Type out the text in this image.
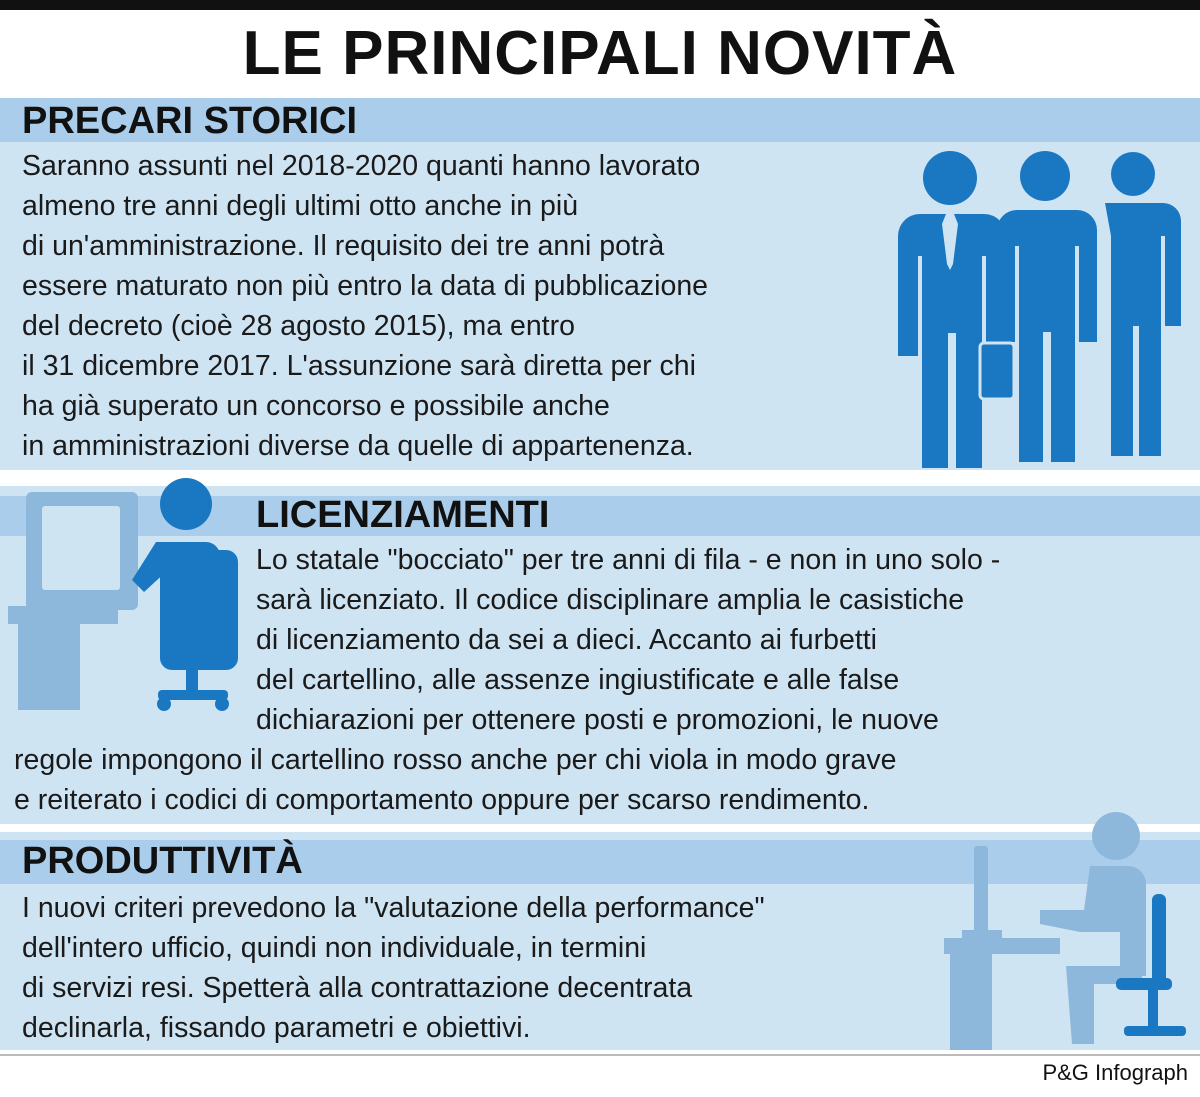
LE PRINCIPALI NOVITÀ
PRECARI STORICI
Saranno assunti nel 2018-2020 quanti hanno lavorato
almeno tre anni degli ultimi otto anche in più
di un'amministrazione. Il requisito dei tre anni potrà
essere maturato non più entro la data di pubblicazione
del decreto (cioè 28 agosto 2015), ma entro
il 31 dicembre 2017. L'assunzione sarà diretta per chi
ha già superato un concorso e possibile anche
in amministrazioni diverse da quelle di appartenenza.
LICENZIAMENTI
Lo statale "bocciato" per tre anni di fila - e non in uno solo -
sarà licenziato. Il codice disciplinare amplia le casistiche
di licenziamento da sei a dieci. Accanto ai furbetti
del cartellino, alle assenze ingiustificate e alle false
dichiarazioni per ottenere posti e promozioni, le nuove
regole impongono il cartellino rosso anche per chi viola in modo grave
e reiterato i codici di comportamento oppure per scarso rendimento.
PRODUTTIVITÀ
I nuovi criteri prevedono la "valutazione della performance"
dell'intero ufficio, quindi non individuale, in termini
di servizi resi. Spetterà alla contrattazione decentrata
declinarla, fissando parametri e obiettivi.
P&G Infograph
